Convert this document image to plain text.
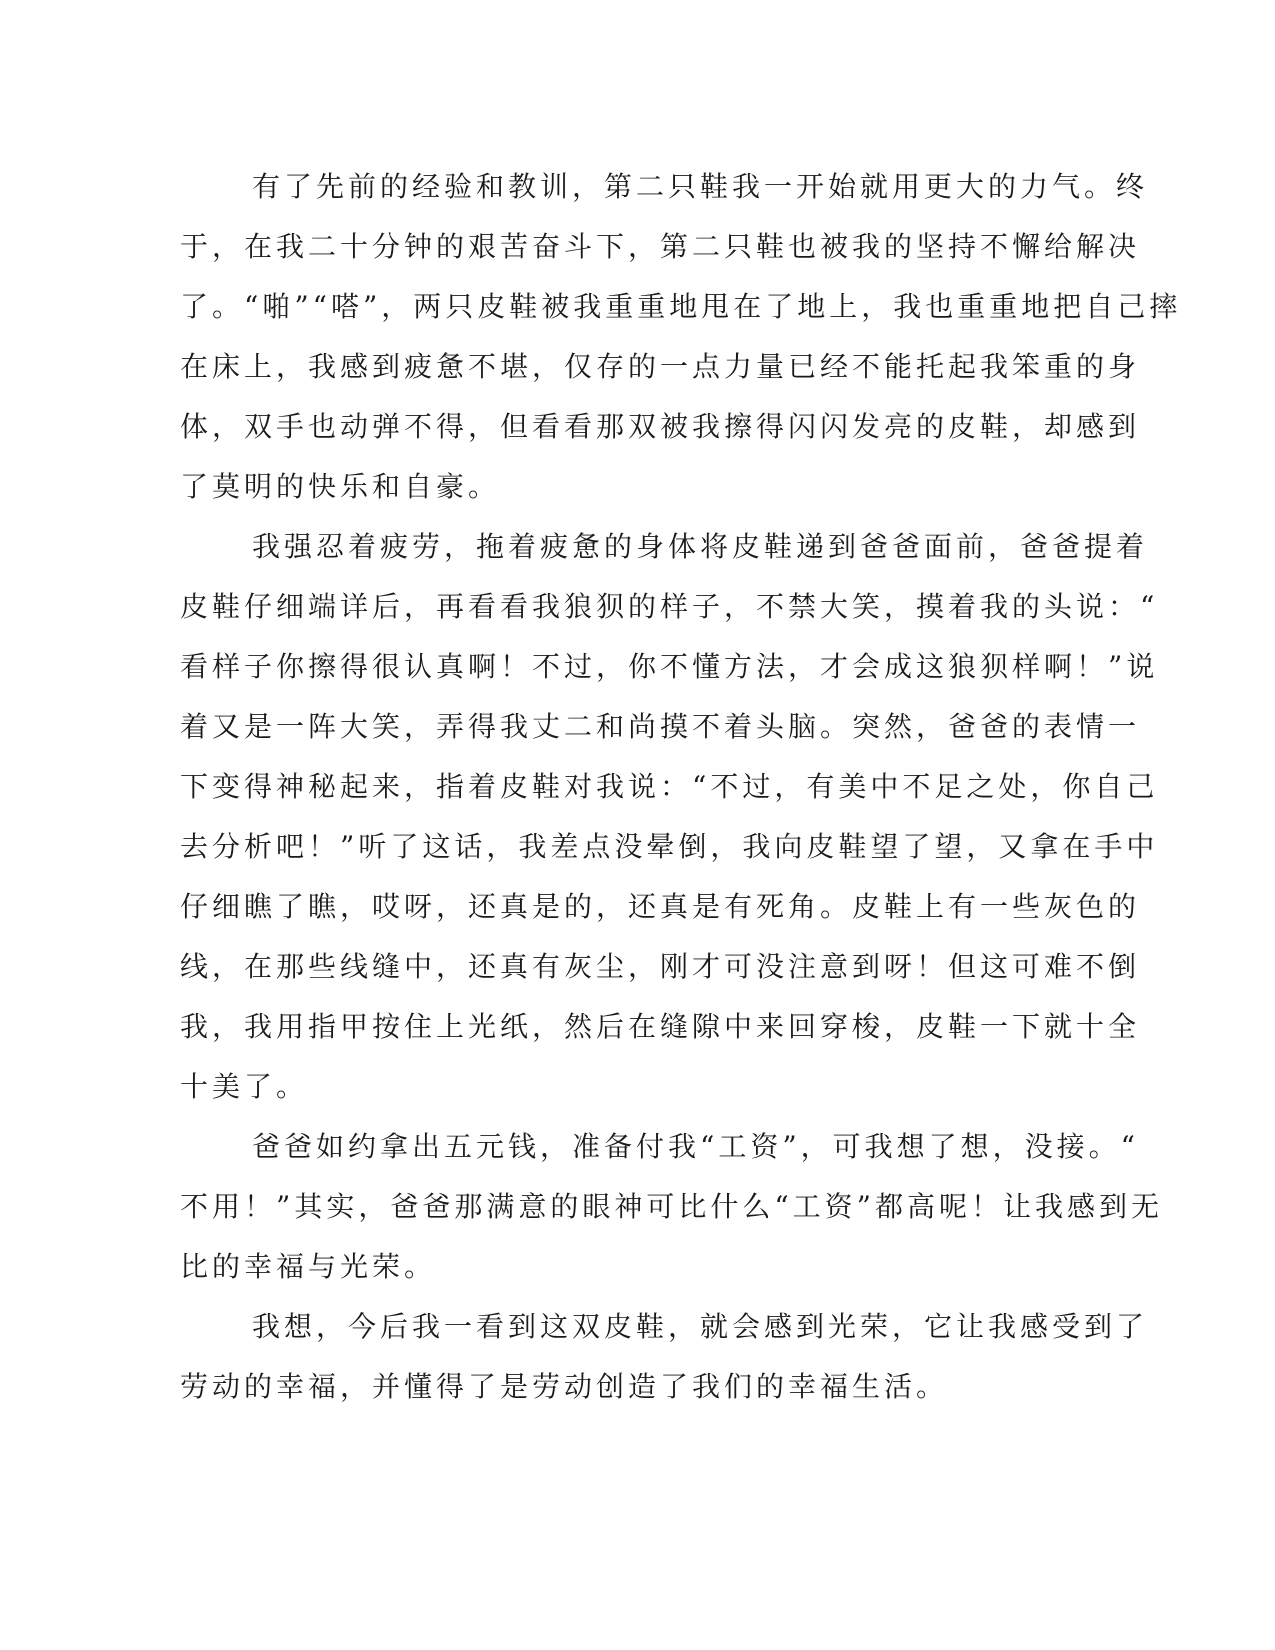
有了先前的经验和教训，第二只鞋我一开始就用更大的力气。终
于，在我二十分钟的艰苦奋斗下，第二只鞋也被我的坚持不懈给解决
了。“啪”“嗒”，两只皮鞋被我重重地甩在了地上，我也重重地把自己摔
在床上，我感到疲惫不堪，仅存的一点力量已经不能托起我笨重的身
体，双手也动弹不得，但看看那双被我擦得闪闪发亮的皮鞋，却感到
了莫明的快乐和自豪。
我强忍着疲劳，拖着疲惫的身体将皮鞋递到爸爸面前，爸爸提着
皮鞋仔细端详后，再看看我狼狈的样子，不禁大笑，摸着我的头说：“
看样子你擦得很认真啊！不过，你不懂方法，才会成这狼狈样啊！”说
着又是一阵大笑，弄得我丈二和尚摸不着头脑。突然，爸爸的表情一
下变得神秘起来，指着皮鞋对我说：“不过，有美中不足之处，你自己
去分析吧！”听了这话，我差点没晕倒，我向皮鞋望了望，又拿在手中
仔细瞧了瞧，哎呀，还真是的，还真是有死角。皮鞋上有一些灰色的
线，在那些线缝中，还真有灰尘，刚才可没注意到呀！但这可难不倒
我，我用指甲按住上光纸，然后在缝隙中来回穿梭，皮鞋一下就十全
十美了。
爸爸如约拿出五元钱，准备付我“工资”，可我想了想，没接。“
不用！”其实，爸爸那满意的眼神可比什么“工资”都高呢！让我感到无
比的幸福与光荣。
我想，今后我一看到这双皮鞋，就会感到光荣，它让我感受到了
劳动的幸福，并懂得了是劳动创造了我们的幸福生活。
